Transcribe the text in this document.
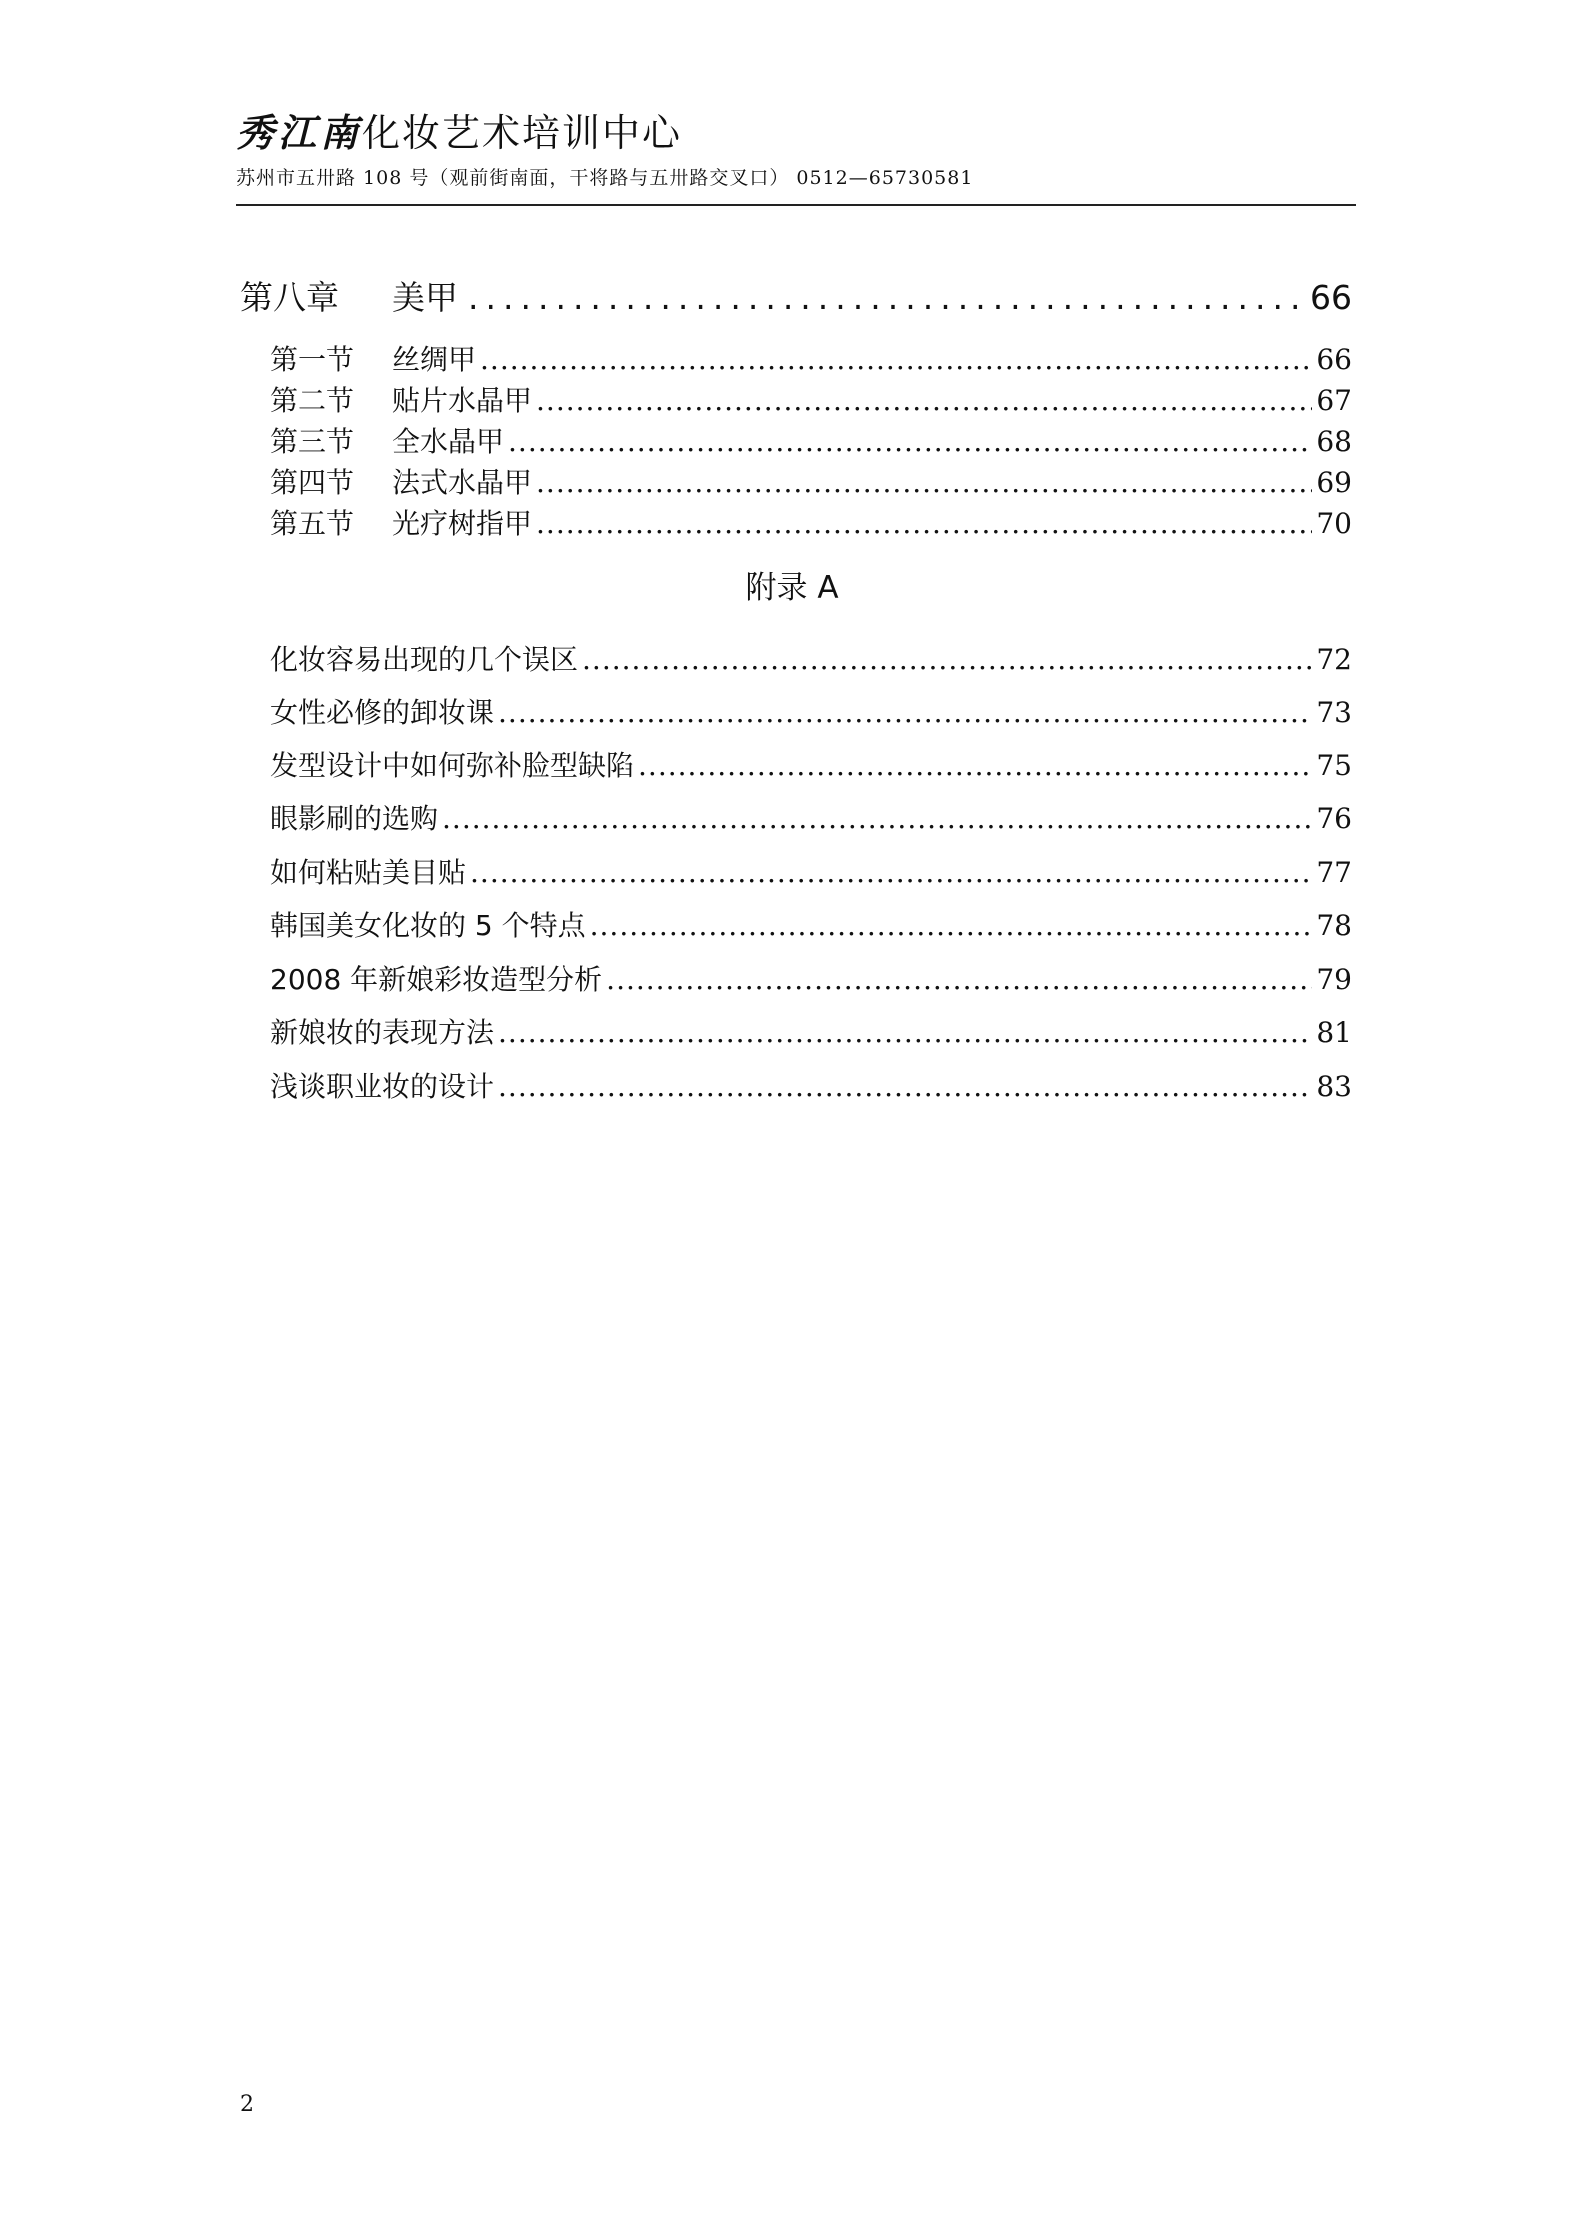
秀江南化妆艺术培训中心
苏州市五卅路 108 号（观前街南面，干将路与五卅路交叉口） 0512—65730581
第八章	美甲 .....	66
第一节	丝绸甲 .....	66
第二节	贴片水晶甲 .....	67
第三节	全水晶甲 .....	68
第四节	法式水晶甲 .....	69
第五节	光疗树指甲 .....	70
附录 A
化妆容易出现的几个误区 .....	72
女性必修的卸妆课 .....	73
发型设计中如何弥补脸型缺陷 .....	75
眼影刷的选购 .....	76
如何粘贴美目贴 .....	77
韩国美女化妆的 5 个特点 .....	78
2008 年新娘彩妆造型分析 .....	79
新娘妆的表现方法 .....	81
浅谈职业妆的设计 .....	83
2
